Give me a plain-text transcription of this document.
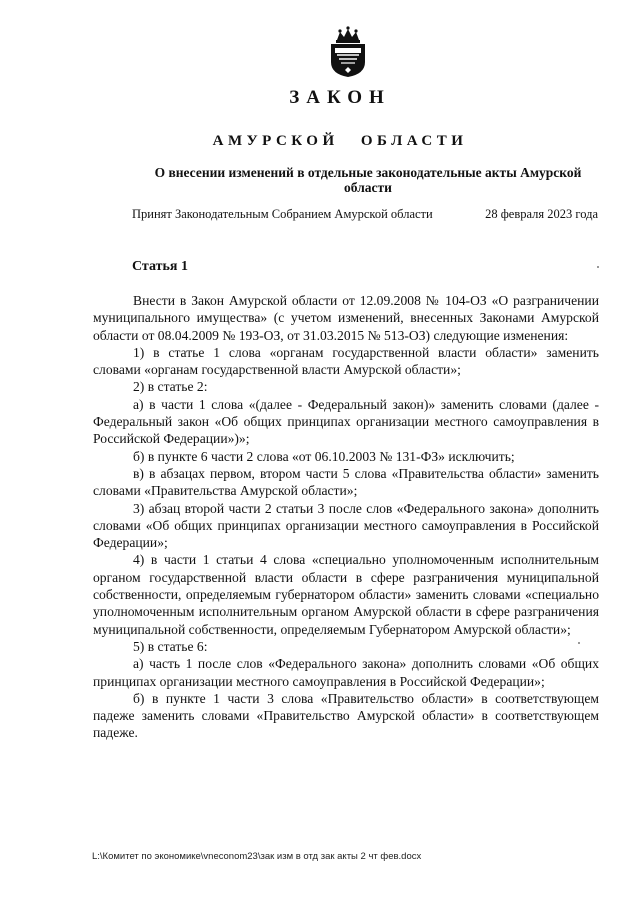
ЗАКОН
АМУРСКОЙ ОБЛАСТИ
О внесении изменений в отдельные законодательные акты Амурской области
Принят Законодательным Собранием Амурской области	28 февраля 2023 года
Статья 1

Внести в Закон Амурской области от 12.09.2008 № 104-ОЗ «О разграничении муниципального имущества» (с учетом изменений, внесенных Законами Амурской области от 08.04.2009 № 193-ОЗ, от 31.03.2015 № 513-ОЗ) следующие изменения:

1) в статье 1 слова «органам государственной власти области» заменить словами «органам государственной власти Амурской области»;

2) в статье 2:

а) в части 1 слова «(далее - Федеральный закон)» заменить словами (далее - Федеральный закон «Об общих принципах организации местного самоуправления в Российской Федерации»)»;

б) в пункте 6 части 2 слова «от 06.10.2003 № 131-ФЗ» исключить;

в) в абзацах первом, втором части 5 слова «Правительства области» заменить словами «Правительства Амурской области»;

3) абзац второй части 2 статьи 3 после слов «Федерального закона» дополнить словами «Об общих принципах организации местного самоуправления в Российской Федерации»;

4) в части 1 статьи 4 слова «специально уполномоченным исполнительным органом государственной власти области в сфере разграничения муниципальной собственности, определяемым губернатором области» заменить словами «специально уполномоченным исполнительным органом Амурской области в сфере разграничения муниципальной собственности, определяемым Губернатором Амурской области»;

5) в статье 6:

а) часть 1 после слов «Федерального закона» дополнить словами «Об общих принципах организации местного самоуправления в Российской Федерации»;

б) в пункте 1 части 3 слова «Правительство области» в соответствующем падеже заменить словами «Правительство Амурской области» в соответствующем падеже.

L:\Комитет по экономике\vneconom23\зак изм в отд зак акты 2 чт фев.docx
